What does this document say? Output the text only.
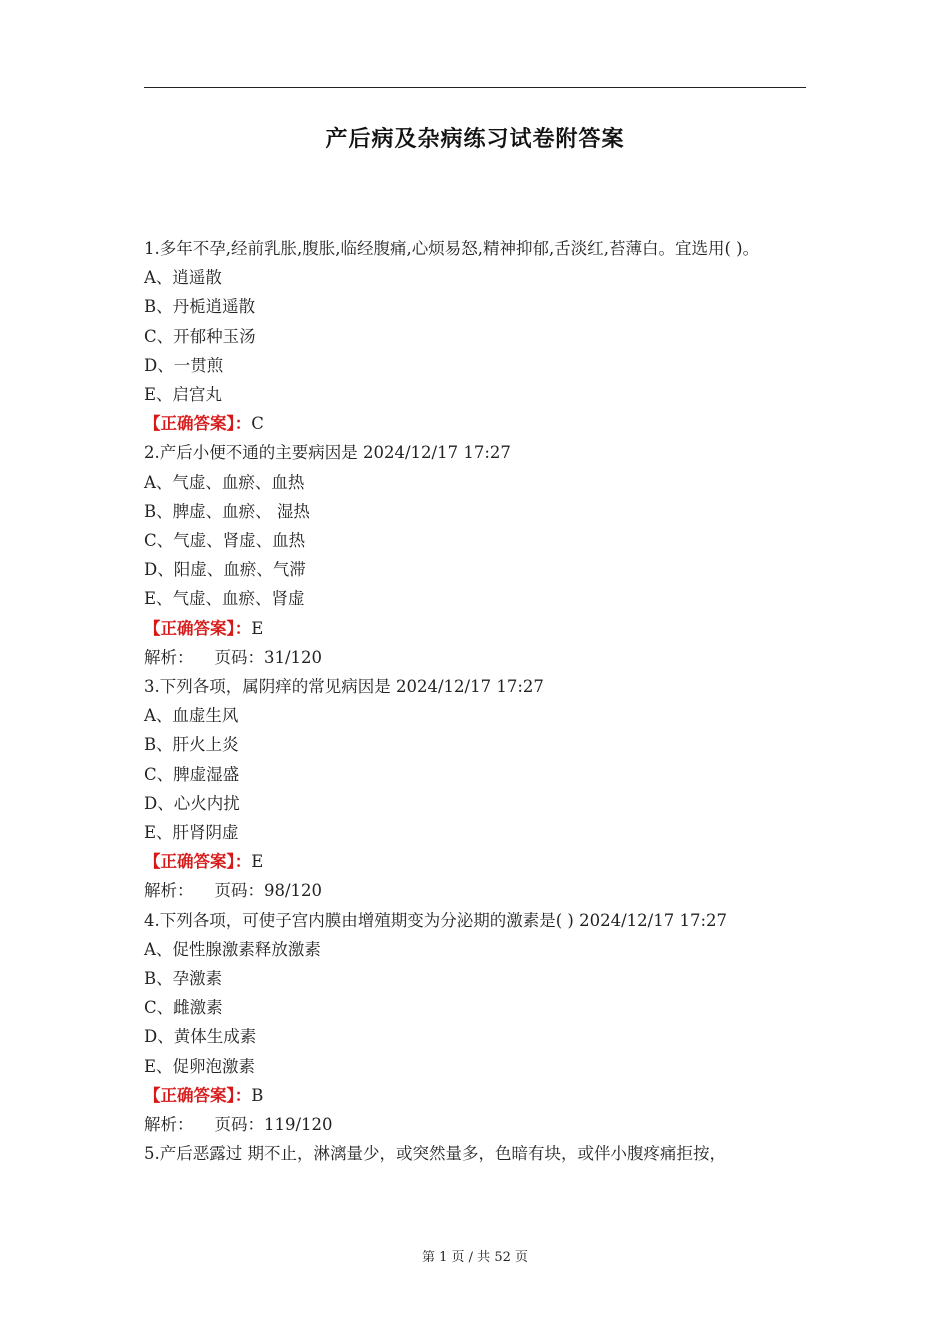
产后病及杂病练习试卷附答案
1.多年不孕,经前乳胀,腹胀,临经腹痛,心烦易怒,精神抑郁,舌淡红,苔薄白。宜选用( )。
A、逍遥散
B、丹栀逍遥散
C、开郁种玉汤
D、一贯煎
E、启宫丸
【正确答案】：C
2.产后小便不通的主要病因是 2024/12/17 17:27
A、气虚、血瘀、血热
B、脾虚、血瘀、 湿热
C、气虚、肾虚、血热
D、阳虚、血瘀、气滞
E、气虚、血瘀、肾虚
【正确答案】：E
解析：    页码：31/120
3.下列各项，属阴痒的常见病因是 2024/12/17 17:27
A、血虚生风
B、肝火上炎
C、脾虚湿盛
D、心火内扰
E、肝肾阴虚
【正确答案】：E
解析：    页码：98/120
4.下列各项，可使子宫内膜由增殖期变为分泌期的激素是( ) 2024/12/17 17:27
A、促性腺激素释放激素
B、孕激素
C、雌激素
D、黄体生成素
E、促卵泡激素
【正确答案】：B
解析：    页码：119/120
5.产后恶露过 期不止，淋漓量少，或突然量多，色暗有块，或伴小腹疼痛拒按，
第 1 页 / 共 52 页
